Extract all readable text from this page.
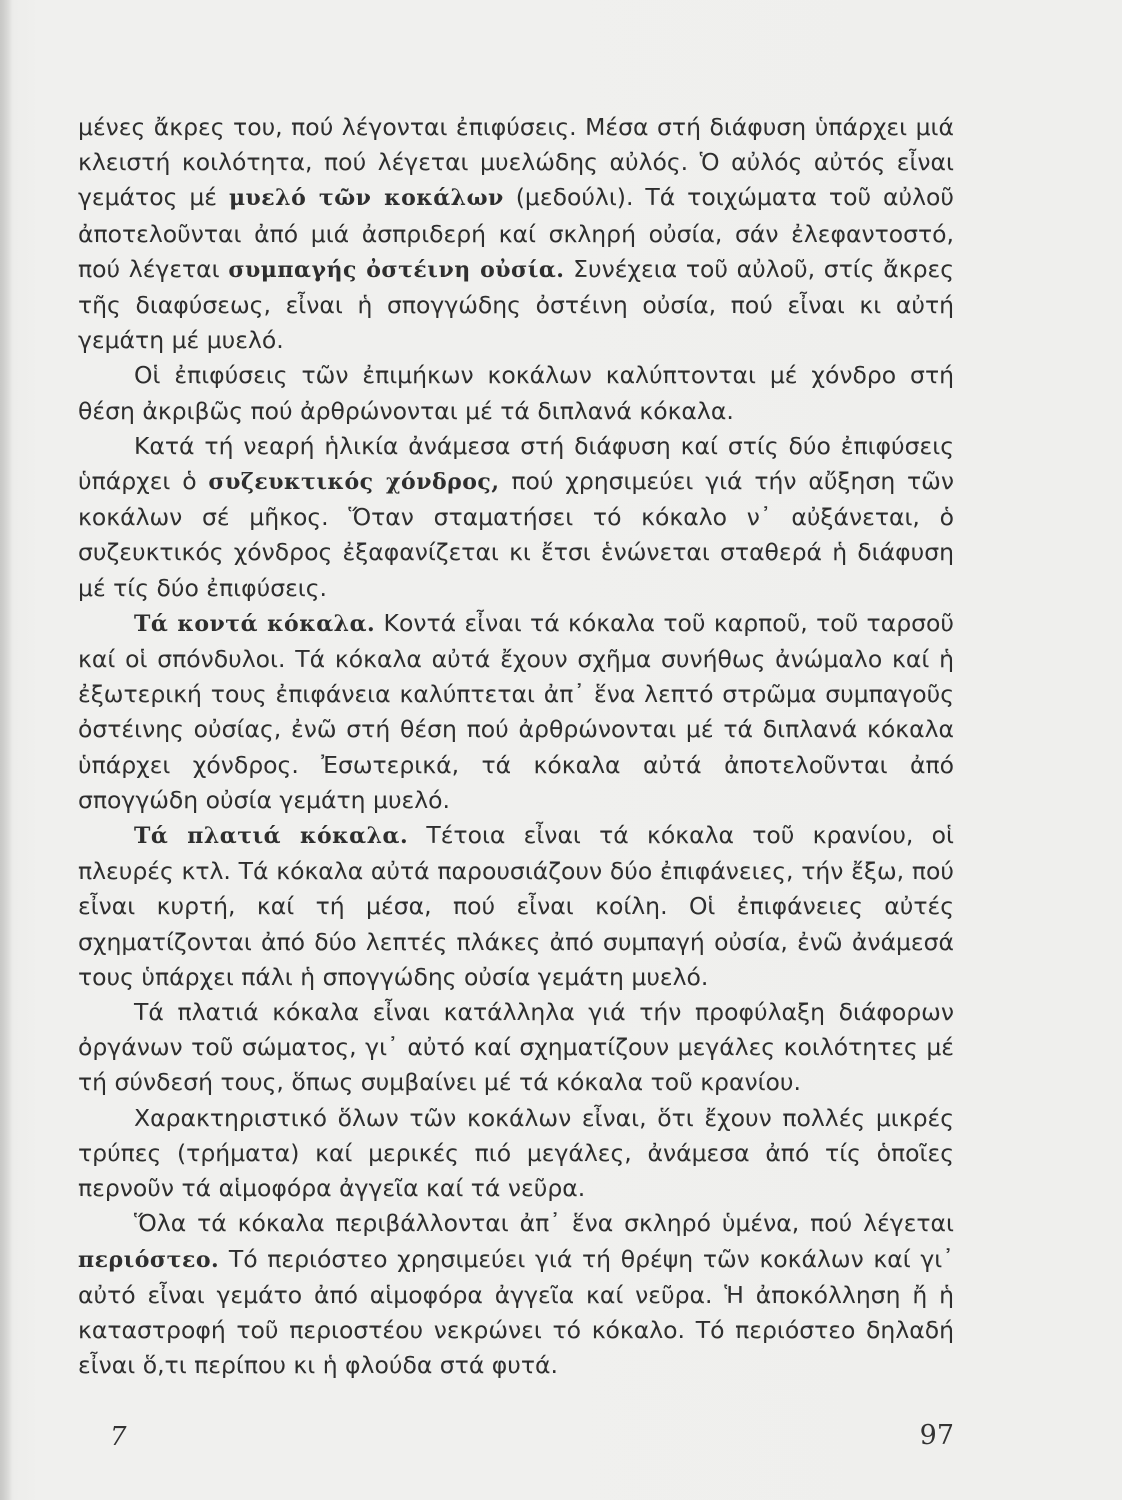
μένες ἄκρες του, πού λέγονται ἐπιφύσεις. Μέσα στή διάφυση ὑπάρχει μιά κλειστή κοιλότητα, πού λέγεται μυελώδης αὐλός. Ὁ αὐλός αὐτός εἶναι γεμάτος μέ μυελό τῶν κοκάλων (μεδούλι). Τά τοιχώματα τοῦ αὐλοῦ ἀποτελοῦνται ἀπό μιά ἀσπριδερή καί σκληρή οὐσία, σάν ἐλεφαντοστό, πού λέγεται συμπαγής ὀστέινη οὐσία. Συνέχεια τοῦ αὐλοῦ, στίς ἄκρες τῆς διαφύσεως, εἶναι ἡ σπογγώδης ὀστέινη οὐσία, πού εἶναι κι αὐτή γεμάτη μέ μυελό.

Οἱ ἐπιφύσεις τῶν ἐπιμήκων κοκάλων καλύπτονται μέ χόνδρο στή θέση ἀκριβῶς πού ἀρθρώνονται μέ τά διπλανά κόκαλα.

Κατά τή νεαρή ἡλικία ἀνάμεσα στή διάφυση καί στίς δύο ἐπιφύσεις ὑπάρχει ὁ συζευκτικός χόνδρος, πού χρησιμεύει γιά τήν αὔξηση τῶν κοκάλων σέ μῆκος. Ὅταν σταματήσει τό κόκαλο ν᾿ αὐξάνεται, ὁ συζευκτικός χόνδρος ἐξαφανίζεται κι ἔτσι ἑνώνεται σταθερά ἡ διάφυση μέ τίς δύο ἐπιφύσεις.

Τά κοντά κόκαλα. Κοντά εἶναι τά κόκαλα τοῦ καρποῦ, τοῦ ταρσοῦ καί οἱ σπόνδυλοι. Τά κόκαλα αὐτά ἔχουν σχῆμα συνήθως ἀνώμαλο καί ἡ ἐξωτερική τους ἐπιφάνεια καλύπτεται ἀπ᾿ ἕνα λεπτό στρῶμα συμπαγοῦς ὀστέινης οὐσίας, ἐνῶ στή θέση πού ἀρθρώνονται μέ τά διπλανά κόκαλα ὑπάρχει χόνδρος. Ἐσωτερικά, τά κόκαλα αὐτά ἀποτελοῦνται ἀπό σπογγώδη οὐσία γεμάτη μυελό.

Τά πλατιά κόκαλα. Τέτοια εἶναι τά κόκαλα τοῦ κρανίου, οἱ πλευρές κτλ. Τά κόκαλα αὐτά παρουσιάζουν δύο ἐπιφάνειες, τήν ἔξω, πού εἶναι κυρτή, καί τή μέσα, πού εἶναι κοίλη. Οἱ ἐπιφάνειες αὐτές σχηματίζονται ἀπό δύο λεπτές πλάκες ἀπό συμπαγή οὐσία, ἐνῶ ἀνάμεσά τους ὑπάρχει πάλι ἡ σπογγώδης οὐσία γεμάτη μυελό.

Τά πλατιά κόκαλα εἶναι κατάλληλα γιά τήν προφύλαξη διάφορων ὀργάνων τοῦ σώματος, γι᾿ αὐτό καί σχηματίζουν μεγάλες κοιλότητες μέ τή σύνδεσή τους, ὅπως συμβαίνει μέ τά κόκαλα τοῦ κρανίου.

Χαρακτηριστικό ὅλων τῶν κοκάλων εἶναι, ὅτι ἔχουν πολλές μικρές τρύπες (τρήματα) καί μερικές πιό μεγάλες, ἀνάμεσα ἀπό τίς ὁποῖες περνοῦν τά αἱμοφόρα ἀγγεῖα καί τά νεῦρα.

Ὅλα τά κόκαλα περιβάλλονται ἀπ᾿ ἕνα σκληρό ὑμένα, πού λέγεται περιόστεο. Τό περιόστεο χρησιμεύει γιά τή θρέψη τῶν κοκάλων καί γι᾿ αὐτό εἶναι γεμάτο ἀπό αἱμοφόρα ἀγγεῖα καί νεῦρα. Ἡ ἀποκόλληση ἤ ἡ καταστροφή τοῦ περιοστέου νεκρώνει τό κόκαλο. Τό περιόστεο δηλαδή εἶναι ὅ,τι περίπου κι ἡ φλούδα στά φυτά.

7	97
